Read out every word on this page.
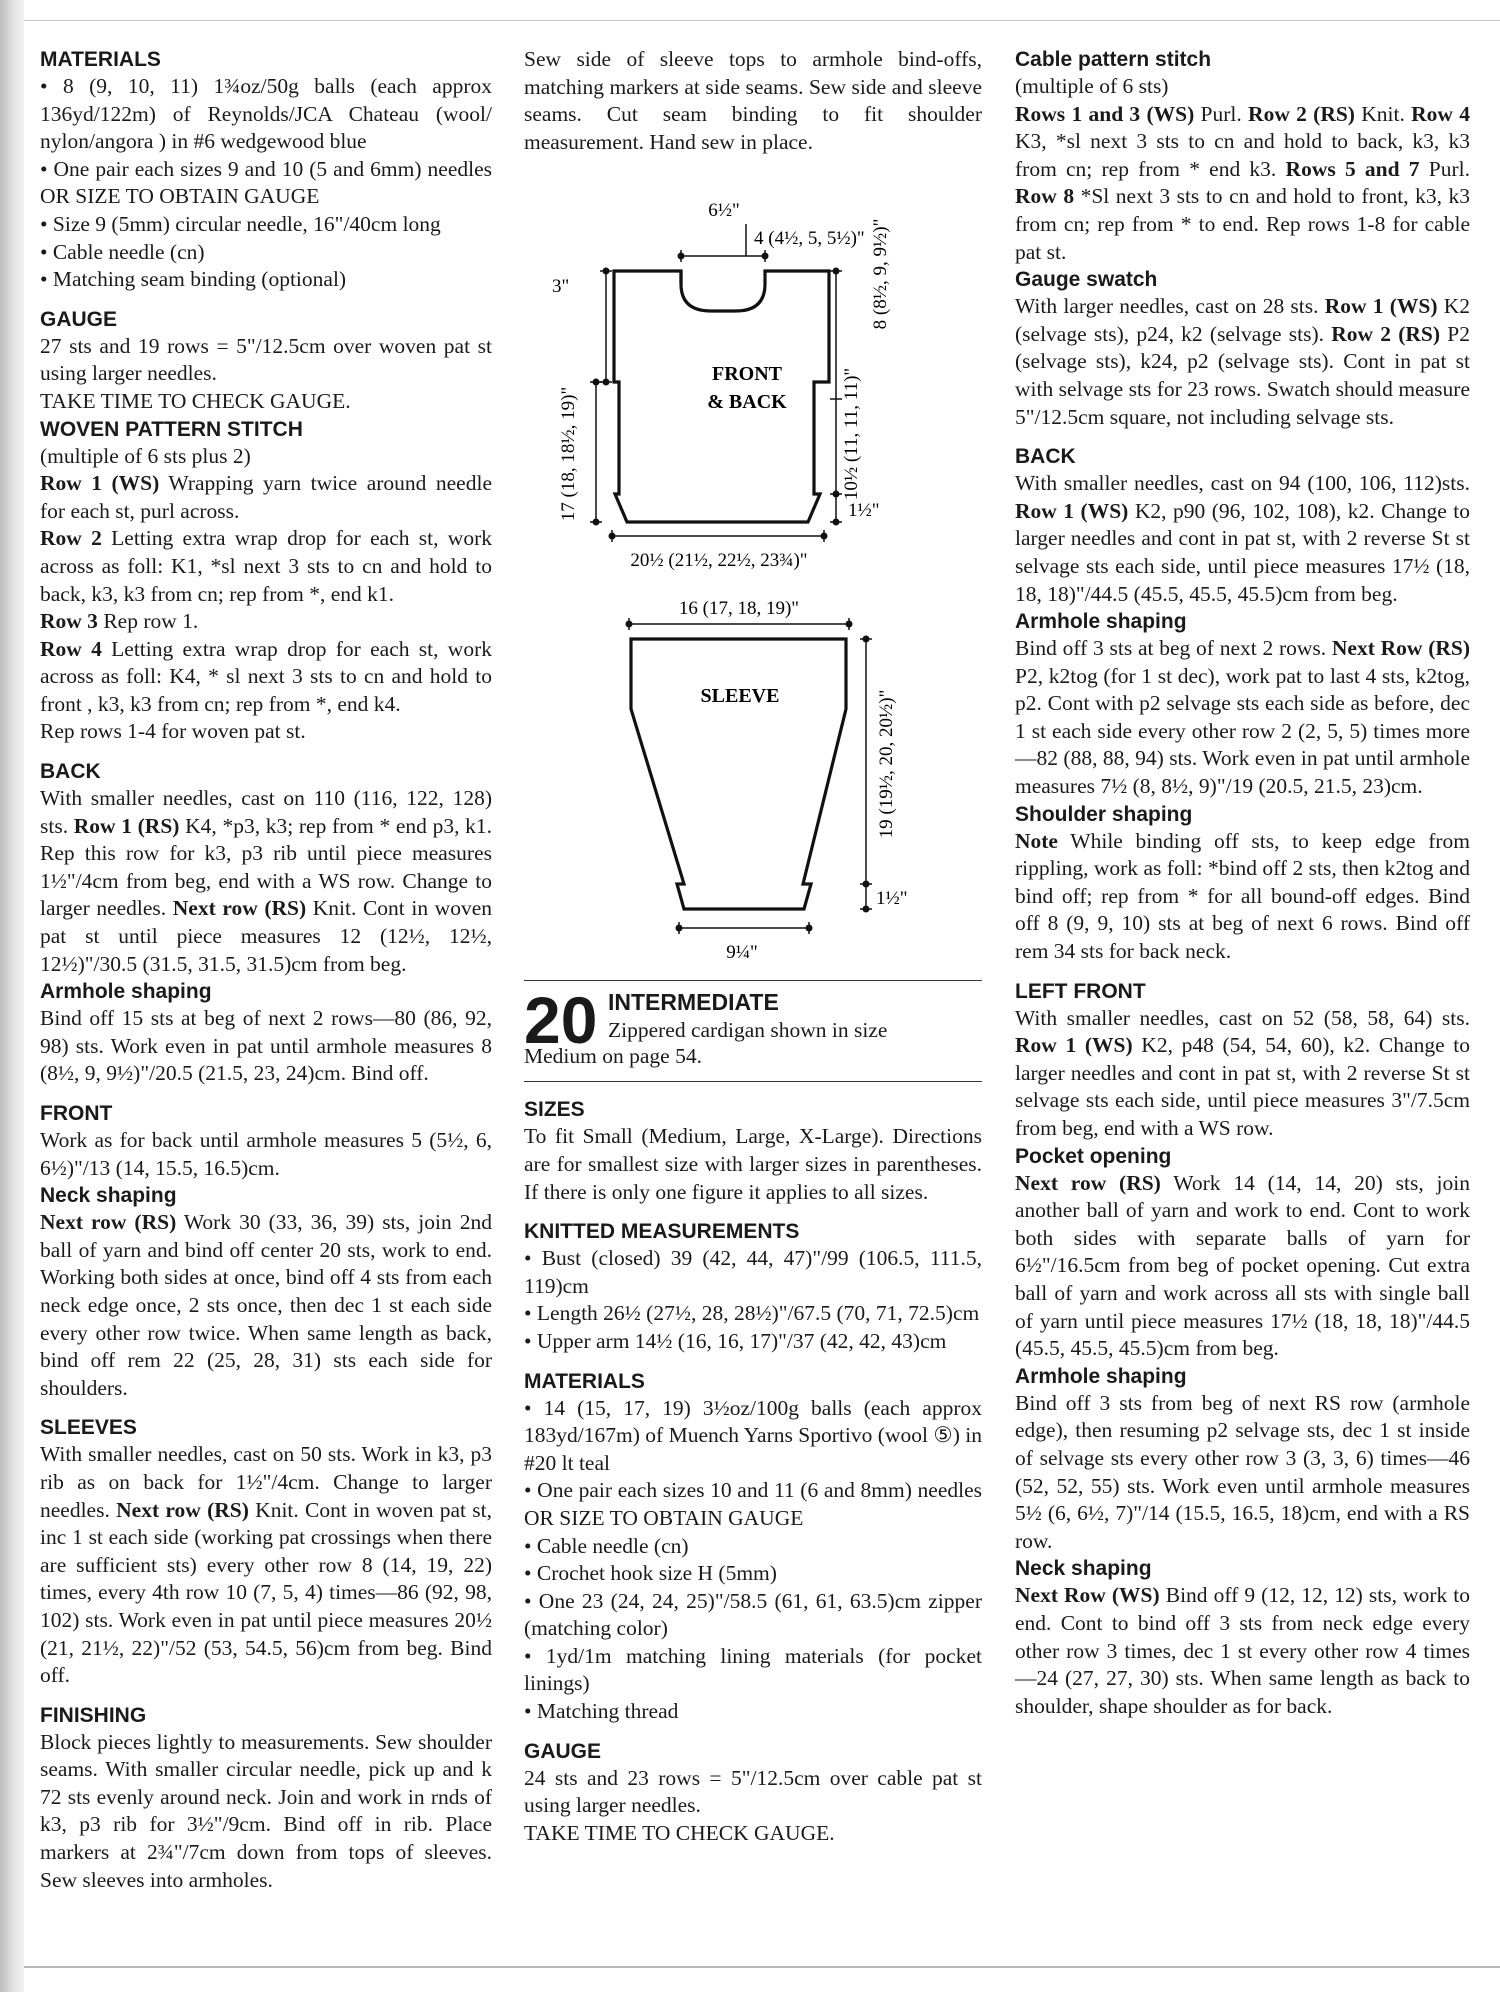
MATERIALS

• 8 (9, 10, 11) 1¾oz/50g balls (each approx 136yd/122m) of Reynolds/JCA Chateau (wool/ nylon/angora ) in #6 wedgewood blue

• One pair each sizes 9 and 10 (5 and 6mm) needles OR SIZE TO OBTAIN GAUGE

• Size 9 (5mm) circular needle, 16"/40cm long

• Cable needle (cn)

• Matching seam binding (optional)

GAUGE

27 sts and 19 rows = 5"/12.5cm over woven pat st using larger needles.

TAKE TIME TO CHECK GAUGE.

WOVEN PATTERN STITCH

(multiple of 6 sts plus 2)

Row 1 (WS) Wrapping yarn twice around needle for each st, purl across.

Row 2 Letting extra wrap drop for each st, work across as foll: K1, *sl next 3 sts to cn and hold to back, k3, k3 from cn; rep from *, end k1.

Row 3 Rep row 1.

Row 4 Letting extra wrap drop for each st, work across as foll: K4, * sl next 3 sts to cn and hold to front , k3, k3 from cn; rep from *, end k4.

Rep rows 1-4 for woven pat st.

BACK

With smaller needles, cast on 110 (116, 122, 128) sts. Row 1 (RS) K4, *p3, k3; rep from * end p3, k1. Rep this row for k3, p3 rib until piece measures 1½"/4cm from beg, end with a WS row. Change to larger needles. Next row (RS) Knit. Cont in woven pat st until piece measures 12 (12½, 12½, 12½)"/30.5 (31.5, 31.5, 31.5)cm from beg.

Armhole shaping

Bind off 15 sts at beg of next 2 rows—80 (86, 92, 98) sts. Work even in pat until armhole measures 8 (8½, 9, 9½)"/20.5 (21.5, 23, 24)cm. Bind off.

FRONT

Work as for back until armhole measures 5 (5½, 6, 6½)"/13 (14, 15.5, 16.5)cm.

Neck shaping

Next row (RS) Work 30 (33, 36, 39) sts, join 2nd ball of yarn and bind off center 20 sts, work to end. Working both sides at once, bind off 4 sts from each neck edge once, 2 sts once, then dec 1 st each side every other row twice. When same length as back, bind off rem 22 (25, 28, 31) sts each side for shoulders.

SLEEVES

With smaller needles, cast on 50 sts. Work in k3, p3 rib as on back for 1½"/4cm. Change to larger needles. Next row (RS) Knit. Cont in woven pat st, inc 1 st each side (working pat crossings when there are sufficient sts) every other row 8 (14, 19, 22) times, every 4th row 10 (7, 5, 4) times—86 (92, 98, 102) sts. Work even in pat until piece measures 20½ (21, 21½, 22)"/52 (53, 54.5, 56)cm from beg. Bind off.

FINISHING

Block pieces lightly to measurements. Sew shoulder seams. With smaller circular needle, pick up and k 72 sts evenly around neck. Join and work in rnds of k3, p3 rib for 3½"/9cm. Bind off in rib. Place markers at 2¾"/7cm down from tops of sleeves. Sew sleeves into armholes.

Sew side of sleeve tops to armhole bind-offs, matching markers at side seams. Sew side and sleeve seams. Cut seam binding to fit shoulder measurement. Hand sew in place.

6½"
4 (4½, 5, 5½)"
3"	8 (8½, 9, 9½)"
10½ (11, 11, 11)"
1½"
17 (18, 18½, 19)"
20½ (21½, 22½, 23¾)"
FRONT
& BACK
16 (17, 18, 19)"
SLEEVE	19 (19½, 20, 20½)"
1½"
9¼"
20 INTERMEDIATE
Zippered cardigan shown in size
Medium on page 54.

SIZES

To fit Small (Medium, Large, X-Large). Directions are for smallest size with larger sizes in parentheses. If there is only one figure it applies to all sizes.

KNITTED MEASUREMENTS

• Bust (closed) 39 (42, 44, 47)"/99 (106.5, 111.5, 119)cm

• Length 26½ (27½, 28, 28½)"/67.5 (70, 71, 72.5)cm

• Upper arm 14½ (16, 16, 17)"/37 (42, 42, 43)cm

MATERIALS

• 14 (15, 17, 19) 3½oz/100g balls (each approx 183yd/167m) of Muench Yarns Sportivo (wool ⑤) in #20 lt teal

• One pair each sizes 10 and 11 (6 and 8mm) needles OR SIZE TO OBTAIN GAUGE

• Cable needle (cn)

• Crochet hook size H (5mm)

• One 23 (24, 24, 25)"/58.5 (61, 61, 63.5)cm zipper (matching color)

• 1yd/1m matching lining materials (for pocket linings)

• Matching thread

GAUGE

24 sts and 23 rows = 5"/12.5cm over cable pat st using larger needles.

TAKE TIME TO CHECK GAUGE.

Cable pattern stitch

(multiple of 6 sts)

Rows 1 and 3 (WS) Purl. Row 2 (RS) Knit. Row 4 K3, *sl next 3 sts to cn and hold to back, k3, k3 from cn; rep from * end k3. Rows 5 and 7 Purl. Row 8 *Sl next 3 sts to cn and hold to front, k3, k3 from cn; rep from * to end. Rep rows 1-8 for cable pat st.

Gauge swatch

With larger needles, cast on 28 sts. Row 1 (WS) K2 (selvage sts), p24, k2 (selvage sts). Row 2 (RS) P2 (selvage sts), k24, p2 (selvage sts). Cont in pat st with selvage sts for 23 rows. Swatch should measure 5"/12.5cm square, not including selvage sts.

BACK

With smaller needles, cast on 94 (100, 106, 112)sts. Row 1 (WS) K2, p90 (96, 102, 108), k2. Change to larger needles and cont in pat st, with 2 reverse St st selvage sts each side, until piece measures 17½ (18, 18, 18)"/44.5 (45.5, 45.5, 45.5)cm from beg.

Armhole shaping

Bind off 3 sts at beg of next 2 rows. Next Row (RS) P2, k2tog (for 1 st dec), work pat to last 4 sts, k2tog, p2. Cont with p2 selvage sts each side as before, dec 1 st each side every other row 2 (2, 5, 5) times more—82 (88, 88, 94) sts. Work even in pat until armhole measures 7½ (8, 8½, 9)"/19 (20.5, 21.5, 23)cm.

Shoulder shaping

Note While binding off sts, to keep edge from rippling, work as foll: *bind off 2 sts, then k2tog and bind off; rep from * for all bound-off edges. Bind off 8 (9, 9, 10) sts at beg of next 6 rows. Bind off rem 34 sts for back neck.

LEFT FRONT

With smaller needles, cast on 52 (58, 58, 64) sts. Row 1 (WS) K2, p48 (54, 54, 60), k2. Change to larger needles and cont in pat st, with 2 reverse St st selvage sts each side, until piece measures 3"/7.5cm from beg, end with a WS row.

Pocket opening

Next row (RS) Work 14 (14, 14, 20) sts, join another ball of yarn and work to end. Cont to work both sides with separate balls of yarn for 6½"/16.5cm from beg of pocket opening. Cut extra ball of yarn and work across all sts with single ball of yarn until piece measures 17½ (18, 18, 18)"/44.5 (45.5, 45.5, 45.5)cm from beg.

Armhole shaping

Bind off 3 sts from beg of next RS row (armhole edge), then resuming p2 selvage sts, dec 1 st inside of selvage sts every other row 3 (3, 3, 6) times—46 (52, 52, 55) sts. Work even until armhole measures 5½ (6, 6½, 7)"/14 (15.5, 16.5, 18)cm, end with a RS row.

Neck shaping

Next Row (WS) Bind off 9 (12, 12, 12) sts, work to end. Cont to bind off 3 sts from neck edge every other row 3 times, dec 1 st every other row 4 times—24 (27, 27, 30) sts. When same length as back to shoulder, shape shoulder as for back.
